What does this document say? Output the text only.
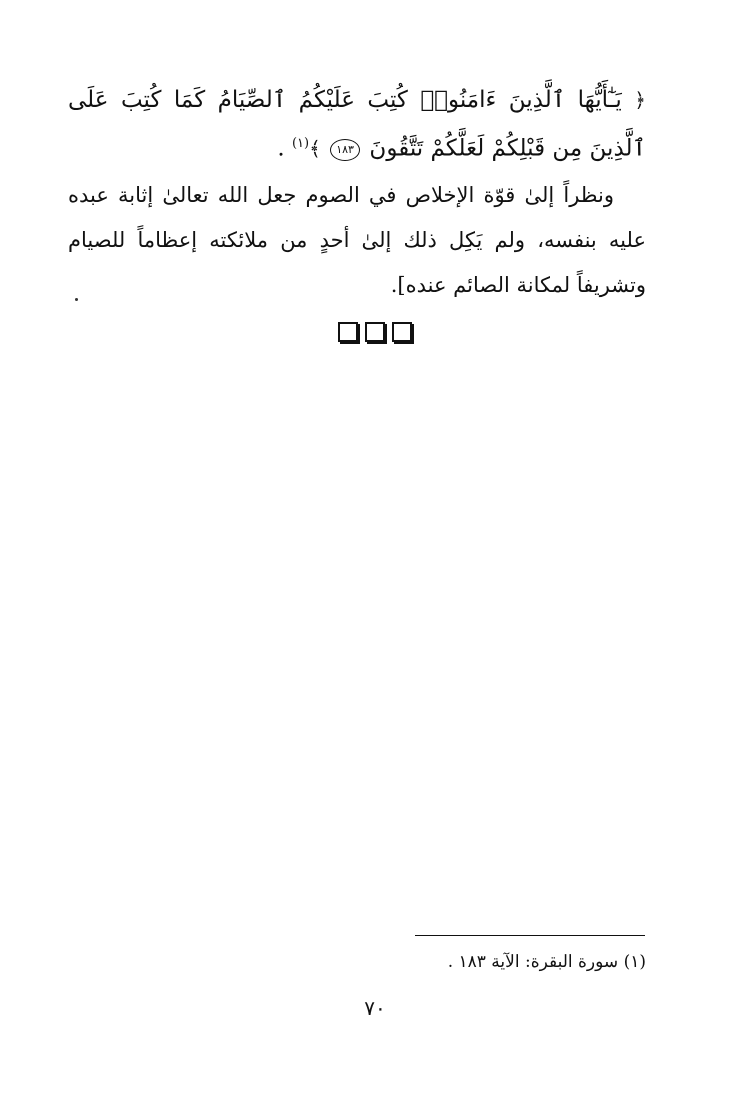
﴿ يَـٰٓأَيُّهَا ٱلَّذِينَ ءَامَنُوا۟ كُتِبَ عَلَيْكُمُ ٱلصِّيَامُ كَمَا كُتِبَ عَلَى ٱلَّذِينَ مِن قَبْلِكُمْ لَعَلَّكُمْ تَتَّقُونَ ١٨٣ ﴾$^{(١)}$ .

ونظراً إلىٰ قوّة الإخلاص في الصوم جعل الله تعالىٰ إثابة عبده عليه بنفسه، ولم يَكِل ذلك إلىٰ أحدٍ من ملائكته إعظاماً للصيام وتشريفاً لمكانة الصائم عنده].

(١) سورة البقرة: الآية ١٨٣ .
٧٠
